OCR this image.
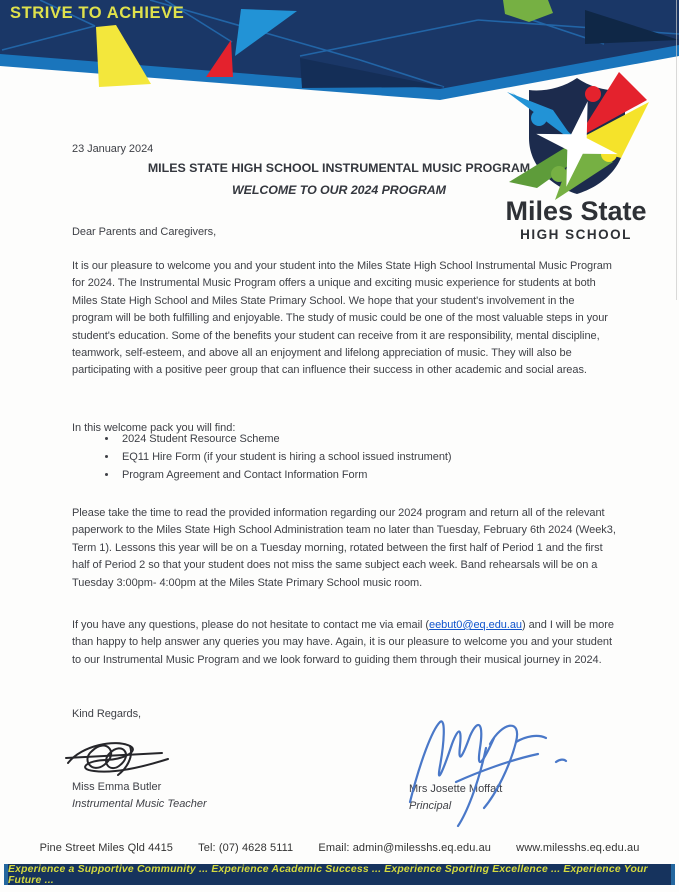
STRIVE TO ACHIEVE
Miles State
HIGH SCHOOL
23 January 2024
MILES STATE HIGH SCHOOL INSTRUMENTAL MUSIC PROGRAM
WELCOME TO OUR 2024 PROGRAM
Dear Parents and Caregivers,
It is our pleasure to welcome you and your student into the Miles State High School Instrumental Music Program for 2024. The Instrumental Music Program offers a unique and exciting music experience for students at both Miles State High School and Miles State Primary School. We hope that your student's involvement in the program will be both fulfilling and enjoyable. The study of music could be one of the most valuable steps in your student's education. Some of the benefits your student can receive from it are responsibility, mental discipline, teamwork, self-esteem, and above all an enjoyment and lifelong appreciation of music. They will also be participating with a positive peer group that can influence their success in other academic and social areas.
In this welcome pack you will find:
• 2024 Student Resource Scheme
• EQ11 Hire Form (if your student is hiring a school issued instrument)
• Program Agreement and Contact Information Form
Please take the time to read the provided information regarding our 2024 program and return all of the relevant paperwork to the Miles State High School Administration team no later than Tuesday, February 6th 2024 (Week3, Term 1). Lessons this year will be on a Tuesday morning, rotated between the first half of Period 1 and the first half of Period 2 so that your student does not miss the same subject each week. Band rehearsals will be on a Tuesday 3:00pm- 4:00pm at the Miles State Primary School music room.
If you have any questions, please do not hesitate to contact me via email (eebut0@eq.edu.au) and I will be more than happy to help answer any queries you may have. Again, it is our pleasure to welcome you and your student to our Instrumental Music Program and we look forward to guiding them through their musical journey in 2024.
Kind Regards,
Miss Emma Butler
Instrumental Music Teacher
Mrs Josette Moffatt
Principal
Pine Street Miles Qld 4415 Tel: (07) 4628 5111 Email: admin@milesshs.eq.edu.au www.milesshs.eq.edu.au
Experience a Supportive Community ... Experience Academic Success ... Experience Sporting Excellence ... Experience Your Future ...
